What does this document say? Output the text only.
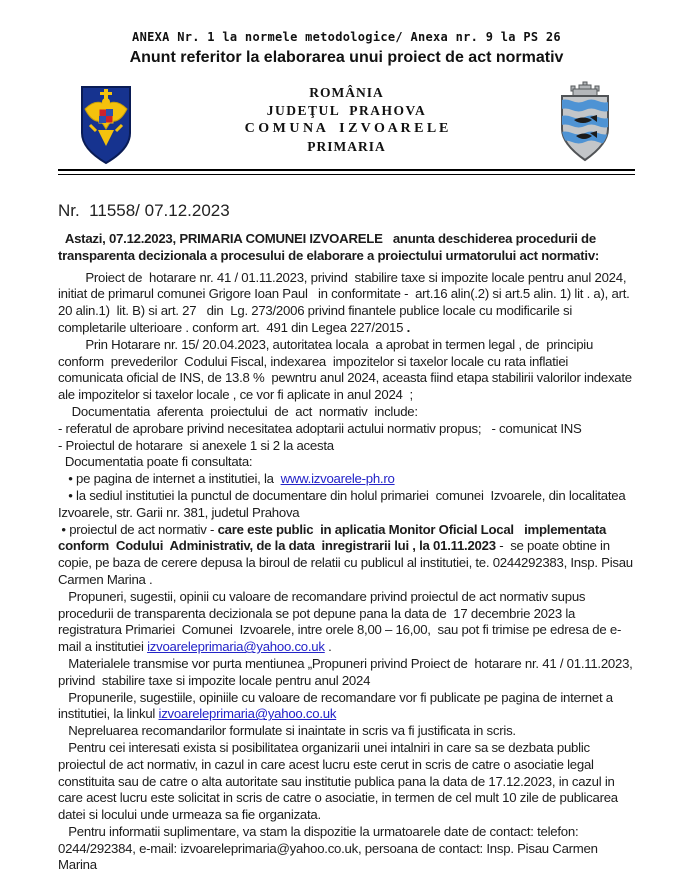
ANEXA Nr. 1 la normele metodologice/ Anexa nr. 9 la PS 26
Anunt referitor la elaborarea unui proiect de act normativ
ROMÂNIA
JUDEŢUL  PRAHOVA
C O M U N A    I Z V O A R E L E
PRIMARIA
Nr.  11558/ 07.12.2023

Astazi, 07.12.2023, PRIMARIA COMUNEI IZVOARELE   anunta deschiderea procedurii de transparenta decizionala a procesului de elaborare a proiectului urmatorului act normativ:

Proiect de  hotarare nr. 41 / 01.11.2023, privind  stabilire taxe si impozite locale pentru anul 2024, initiat de primarul comunei Grigore Ioan Paul   in conformitate -  art.16 alin(.2) si art.5 alin. 1) lit . a), art. 20 alin.1)  lit. B) si art. 27   din  Lg. 273/2006 privind finantele publice locale cu modificarile si completarile ulterioare . conform art.  491 din Legea 227/2015 .

Prin Hotarare nr. 15/ 20.04.2023, autoritatea locala  a aprobat in termen legal , de  principiu conform  prevederilor  Codului Fiscal, indexarea  impozitelor si taxelor locale cu rata inflatiei comunicata oficial de INS, de 13.8 %  pewntru anul 2024, aceasta fiind etapa stabilirii valorilor indexate ale impozitelor si taxelor locale , ce vor fi aplicate in anul 2024  ;

Documentatia  aferenta  proiectului  de  act  normativ  include:

- referatul de aprobare privind necesitatea adoptarii actului normativ propus;   - comunicat INS

- Proiectul de hotarare  si anexele 1 si 2 la acesta

Documentatia poate fi consultata:

• pe pagina de internet a institutiei, la  www.izvoarele-ph.ro

• la sediul institutiei la punctul de documentare din holul primariei  comunei  Izvoarele, din localitatea Izvoarele, str. Garii nr. 381, judetul Prahova

• proiectul de act normativ - care este public  in aplicatia Monitor Oficial Local   implementata conform  Codului  Administrativ, de la data  inregistrarii lui , la 01.11.2023 -  se poate obtine in copie, pe baza de cerere depusa la biroul de relatii cu publicul al institutiei, te. 0244292383, Insp. Pisau Carmen Marina .

Propuneri, sugestii, opinii cu valoare de recomandare privind proiectul de act normativ supus procedurii de transparenta decizionala se pot depune pana la data de  17 decembrie 2023 la registratura Primariei  Comunei  Izvoarele, intre orele 8,00 – 16,00,  sau pot fi trimise pe edresa de e-mail a institutiei izvoareleprimaria@yahoo.co.uk .

Materialele transmise vor purta mentiunea „Propuneri privind Proiect de  hotarare nr. 41 / 01.11.2023, privind  stabilire taxe si impozite locale pentru anul 2024

Propunerile, sugestiile, opiniile cu valoare de recomandare vor fi publicate pe pagina de internet a institutiei, la linkul izvoareleprimaria@yahoo.co.uk

Nepreluarea recomandarilor formulate si inaintate in scris va fi justificata in scris.

Pentru cei interesati exista si posibilitatea organizarii unei intalniri in care sa se dezbata public proiectul de act normativ, in cazul in care acest lucru este cerut in scris de catre o asociatie legal constituita sau de catre o alta autoritate sau institutie publica pana la data de 17.12.2023, in cazul in care acest lucru este solicitat in scris de catre o asociatie, in termen de cel mult 10 zile de publicarea datei si locului unde urmeaza sa fie organizata.

Pentru informatii suplimentare, va stam la dispozitie la urmatoarele date de contact: telefon: 0244/292384, e-mail: izvoareleprimaria@yahoo.co.uk, persoana de contact: Insp. Pisau Carmen Marina
